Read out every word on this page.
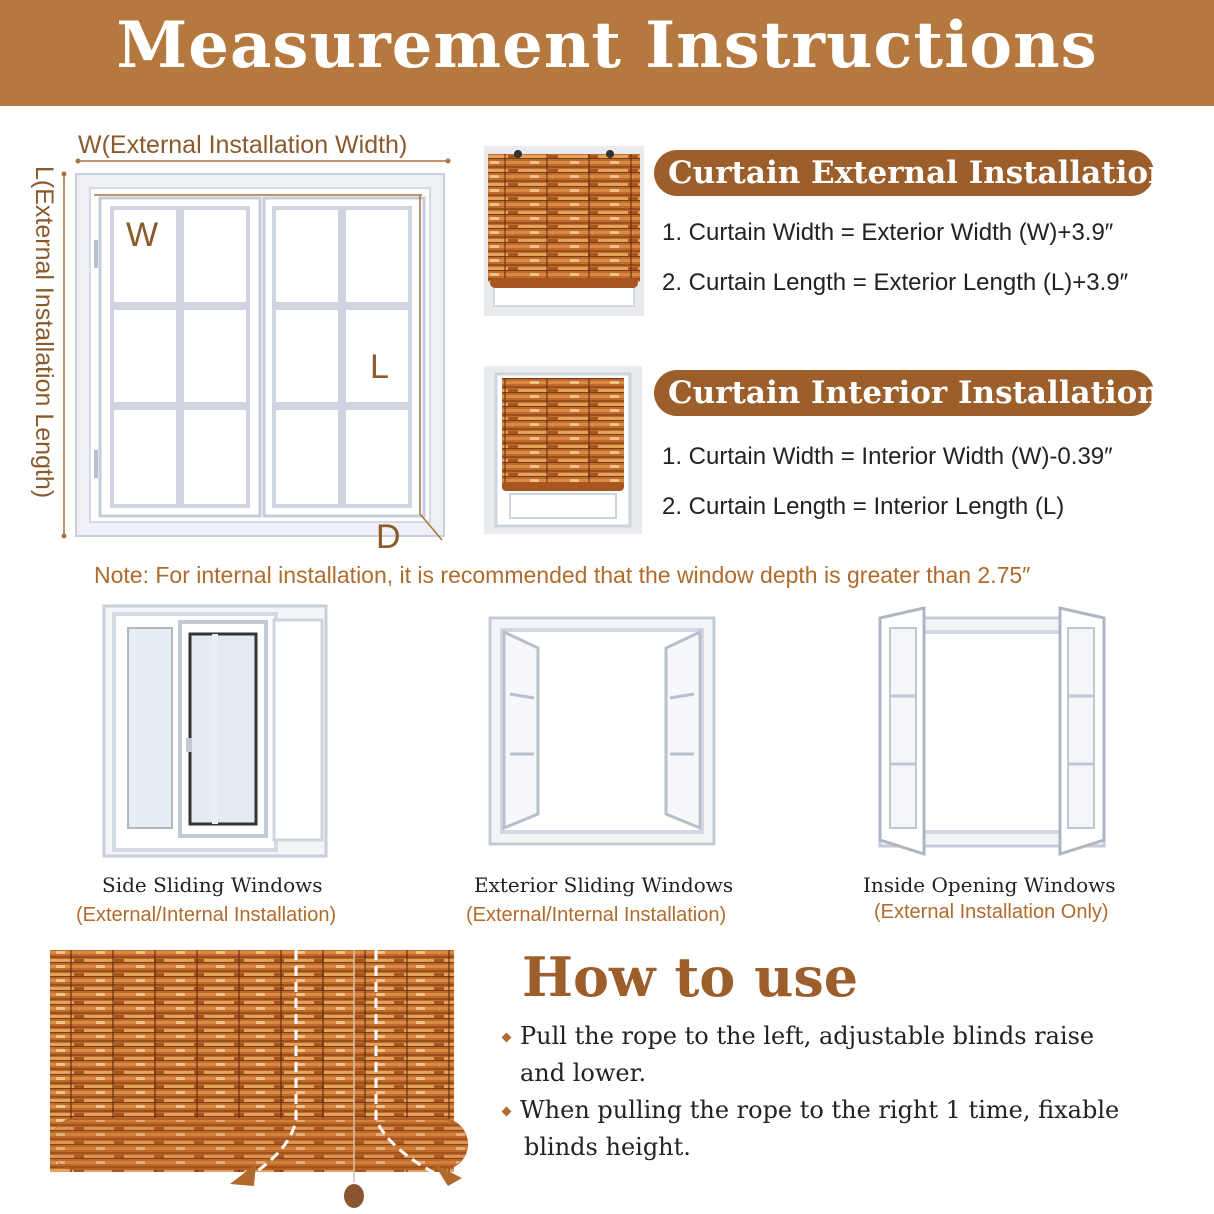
Measurement Instructions
W(External Installation Width)
L(External Installation Length) W
L
D
Curtain External Installation
1. Curtain Width = Exterior Width (W)+3.9″
2. Curtain Length = Exterior Length (L)+3.9″
Curtain Interior Installation
1. Curtain Width = Interior Width (W)-0.39″
2. Curtain Length = Interior Length (L)
Note: For internal installation, it is recommended that the window depth is greater than 2.75″
Side Sliding Windows
(External/Internal Installation)
Exterior Sliding Windows
(External/Internal Installation)
Inside Opening Windows
(External Installation Only)
How to use
Pull the rope to the left, adjustable blinds raise
and lower.
When pulling the rope to the right 1 time, fixable
blinds height.
